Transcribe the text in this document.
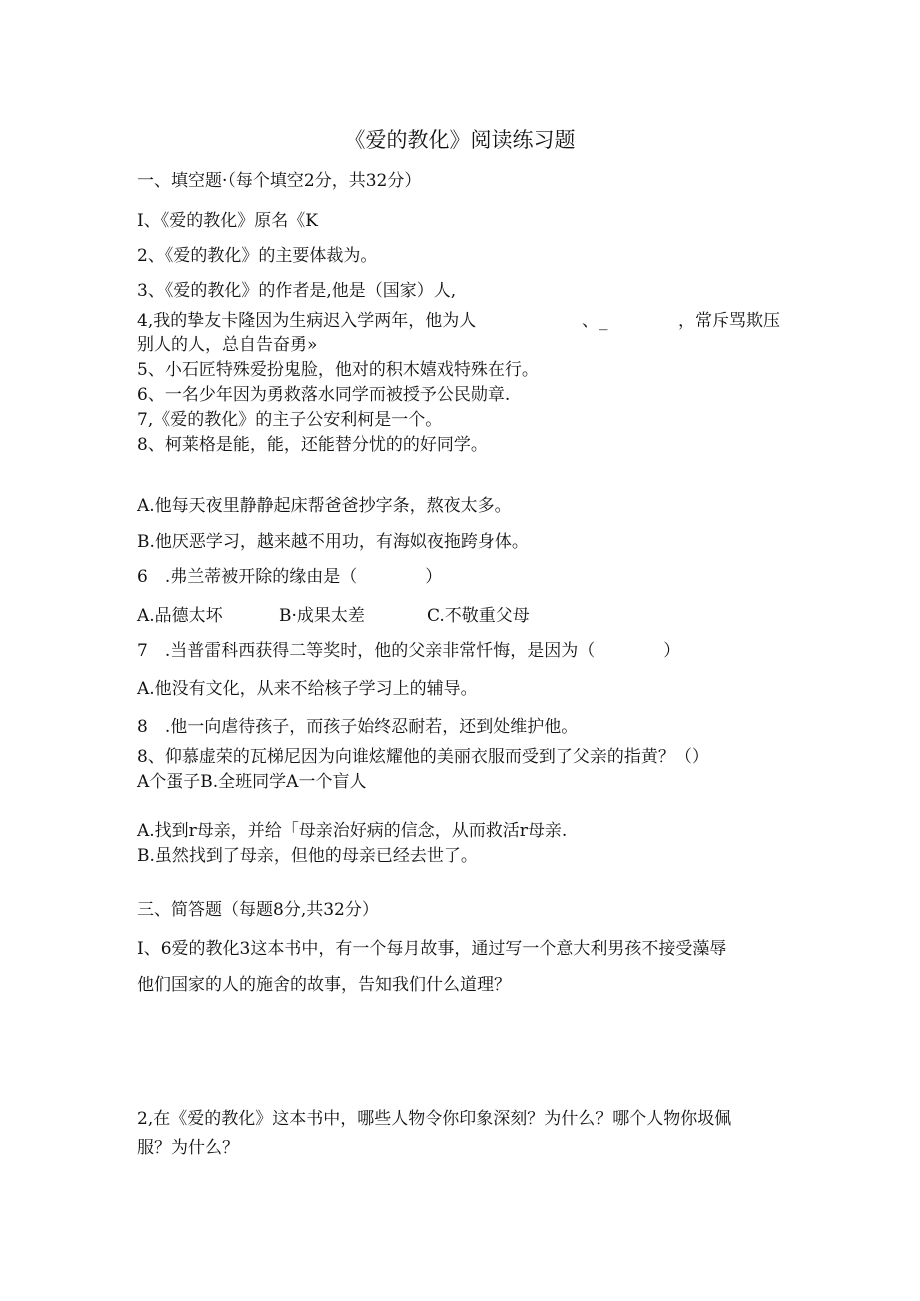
《爱的教化》阅读练习题
一、填空题·（每个填空2分，共32分）
I、《爱的教化》原名《K
2、《爱的教化》的主要体裁为。
3、《爱的教化》的作者是,他是（国家）人,
4,我的挚友卡隆因为生病迟入学两年，他为人	、_	，常斥骂欺压
别人的人，总自告奋勇»
5、小石匠特殊爱扮鬼脸，他对的积木嬉戏特殊在行。
6、一名少年因为勇救落水同学而被授予公民勋章.
7,《爱的教化》的主子公安利柯是一个。
8、柯莱格是能，能，还能替分忧的的好同学。
A.他每天夜里静静起床帮爸爸抄字条，熬夜太多。
B.他厌恶学习，越来越不用功，有海姒夜拖跨身体。
6　.弗兰蒂被开除的缘由是（　　　　）
A.品德太坏	B·成果太差	C.不敬重父母
7　.当普雷科西获得二等奖时，他的父亲非常忏悔，是因为（　　　　）
A.他没有文化，从来不给核子学习上的辅导。
8　.他一向虐待孩子，而孩子始终忍耐若，还到处维护他。
8、仰慕虚荣的瓦梯尼因为向谁炫耀他的美丽衣服而受到了父亲的指黄？（）
A个蛋子B.全班同学A一个盲人
A.找到r母亲，并给「母亲治好病的信念，从而救活r母亲.
B.虽然找到了母亲，但他的母亲已经去世了。
三、简答题（每题8分,共32分）
I、6爱的教化3这本书中，有一个每月故事，通过写一个意大利男孩不接受藻辱
他们国家的人的施舍的故事，告知我们什么道理？
2,在《爱的教化》这本书中，哪些人物令你印象深刻？为什么？哪个人物你圾佩
服？为什么？
